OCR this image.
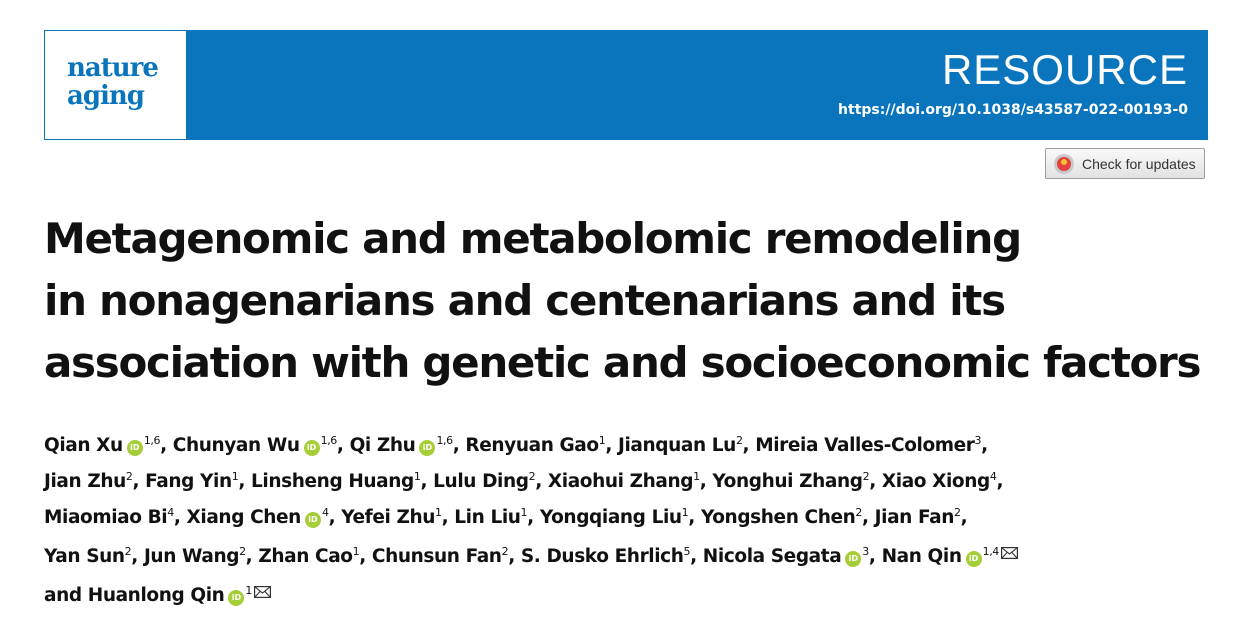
nature
aging
RESOURCE
https://doi.org/10.1038/s43587-022-00193-0
Check for updates
Metagenomic and metabolomic remodeling
in nonagenarians and centenarians and its
association with genetic and socioeconomic factors
Qian Xu iD$^{1,6}$, Chunyan Wu iD$^{1,6}$, Qi Zhu iD$^{1,6}$, Renyuan Gao$^1$, Jianquan Lu$^2$, Mireia Valles-Colomer$^3$,
Jian Zhu$^2$, Fang Yin$^1$, Linsheng Huang$^1$, Lulu Ding$^2$, Xiaohui Zhang$^1$, Yonghui Zhang$^2$, Xiao Xiong$^4$,
Miaomiao Bi$^4$, Xiang Chen $iD^4$, Yefei Zhu$^1$, Lin Liu$^1$, Yongqiang Liu$^1$, Yongshen Chen$^2$, Jian Fan$^2$,
Yan Sun$^2$, Jun Wang$^2$, Zhan Cao$^1$, Chunsun Fan$^2$, S. Dusko Ehrlich$^5$, Nicola Segata $iD^3$, Nan Qin iD$^{1,4}$
and Huanlong Qin $iD^1$
